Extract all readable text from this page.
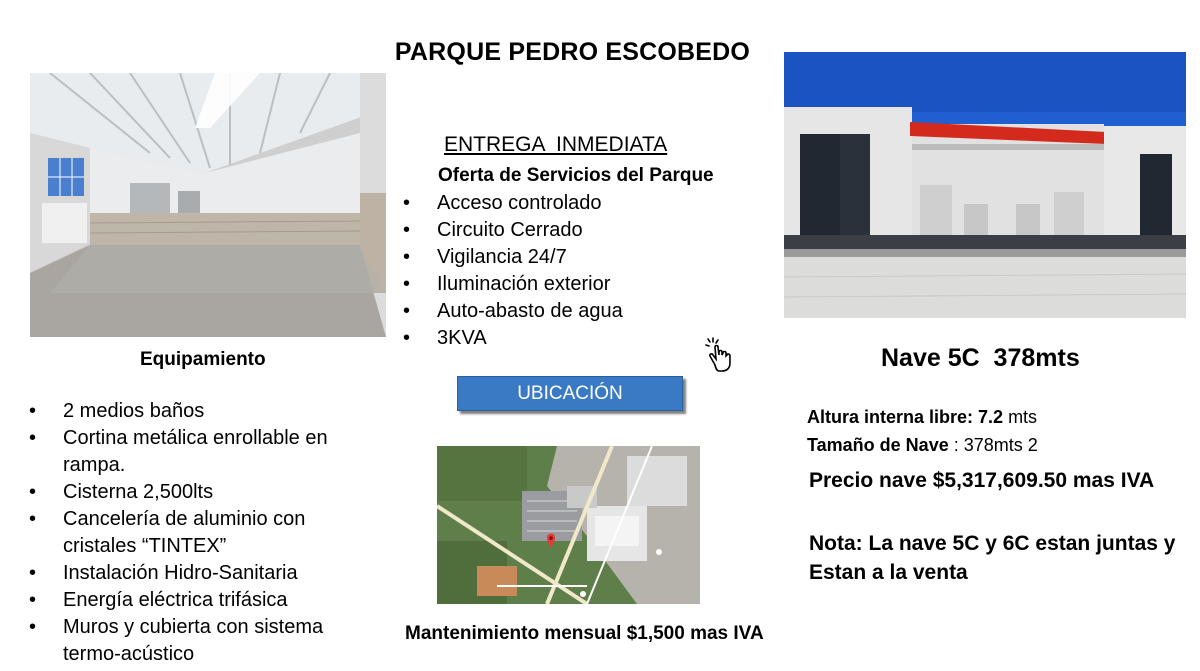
PARQUE PEDRO ESCOBEDO
ENTREGA  INMEDIATA
Oferta de Servicios del Parque
• Acceso controlado
• Circuito Cerrado
• Vigilancia 24/7
• Iluminación exterior
• Auto-abasto de agua
• 3KVA
UBICACIÓN
Mantenimiento mensual $1,500 mas IVA
Equipamiento
• 2 medios baños
• Cortina metálica enrollable en rampa.
• Cisterna 2,500lts
• Cancelería de aluminio con cristales “TINTEX”
• Instalación Hidro-Sanitaria
• Energía eléctrica trifásica
• Muros y cubierta con sistema termo-acústico
Nave 5C  378mts
Altura interna libre: 7.2 mts
Tamaño de Nave : 378mts 2
Precio nave $5,317,609.50 mas IVA
Nota: La nave 5C y 6C estan juntas y Estan a la venta
